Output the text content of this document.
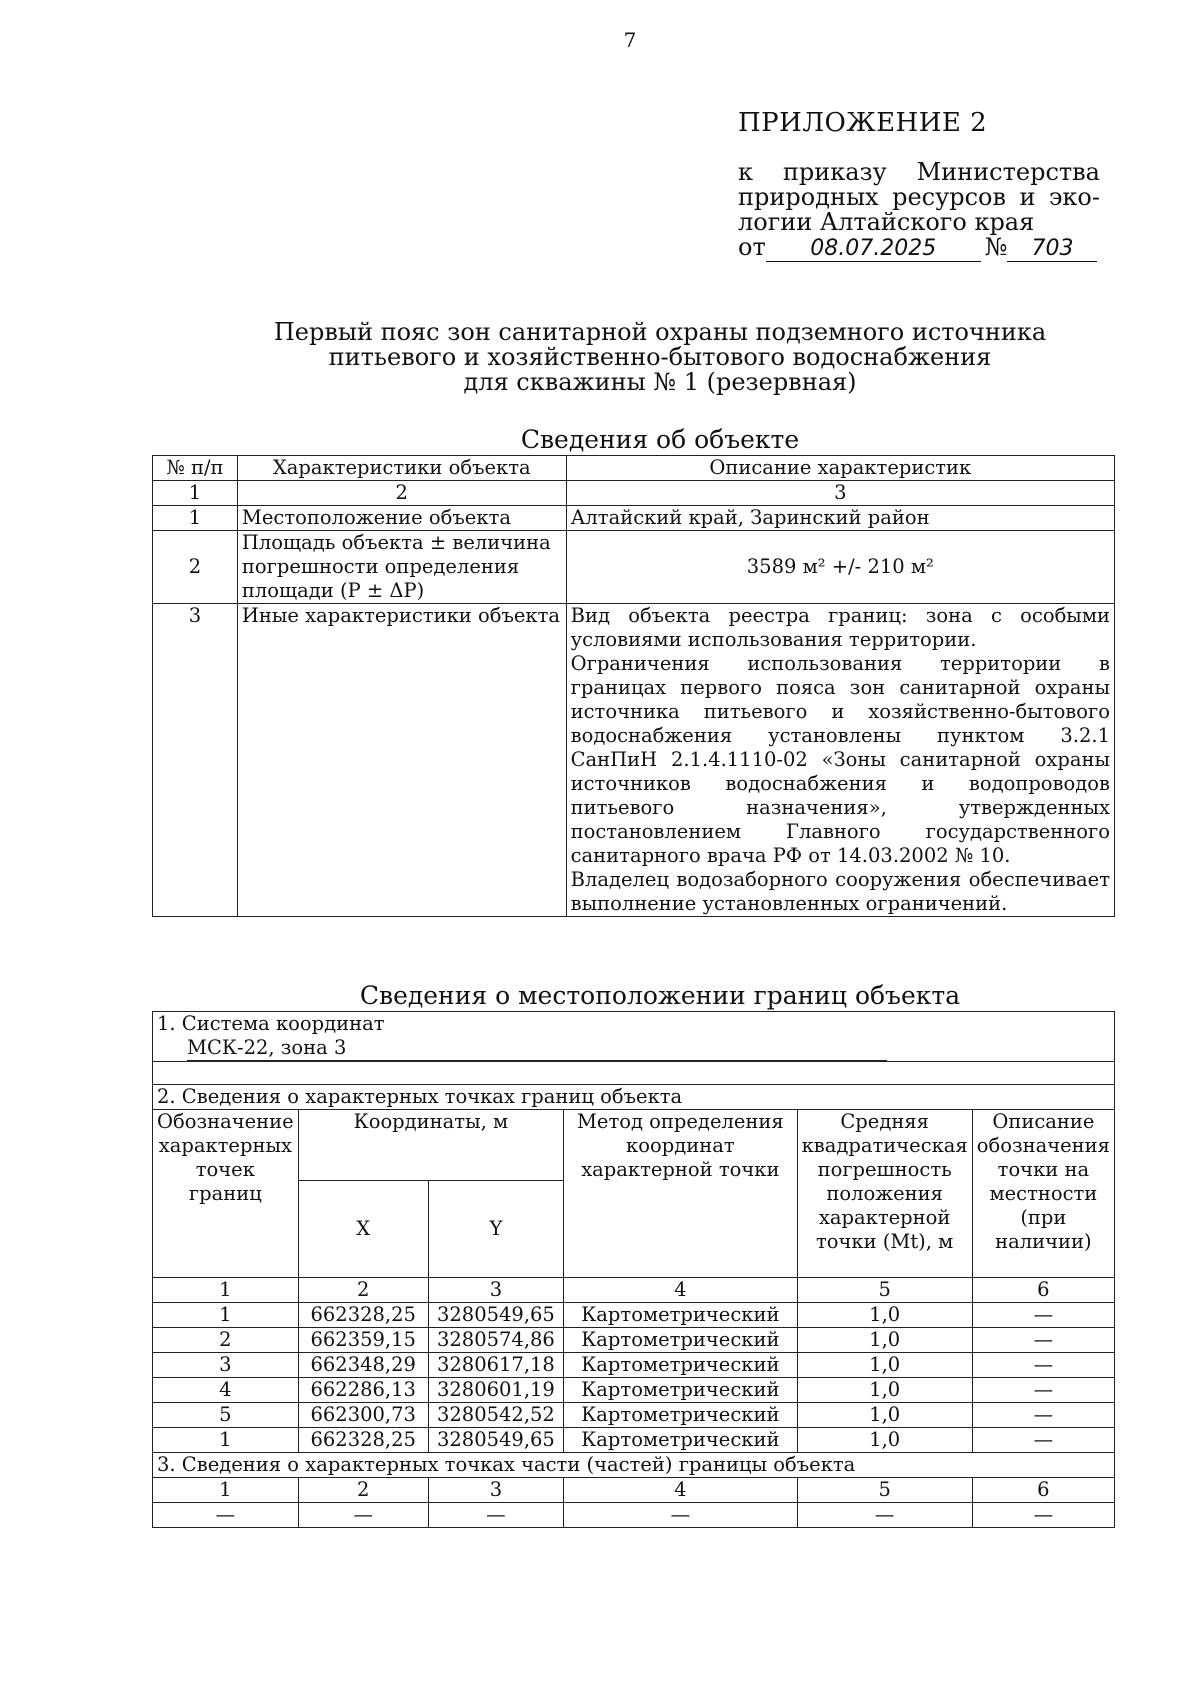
7
ПРИЛОЖЕНИЕ 2
к приказу Министерства
природных ресурсов и эко-
логии Алтайского края
от	08.07.2025	№	703
Первый пояс зон санитарной охраны подземного источника
питьевого и хозяйственно-бытового водоснабжения
для скважины № 1 (резервная)
Сведения об объекте
№ п/п	Характеристики объекта	Описание характеристик
1	2	3
1	Местоположение объекта	Алтайский край, Заринский район
2	Площадь объекта ± величина погрешности определения площади (Р ± ΔР)	3589 м² +/- 210 м²
3	Иные характеристики объекта	Вид объекта реестра границ: зона с особыми условиями использования территории.
Ограничения использования территории в границах первого пояса зон санитарной охраны источника питьевого и хозяйственно-бытового водоснабжения установлены пунктом 3.2.1 СанПиН 2.1.4.1110-02 «Зоны санитарной охраны источников водоснабжения и водопроводов питьевого назначения», утвержденных постановлением Главного государственного санитарного врача РФ от 14.03.2002 № 10.
Владелец водозаборного сооружения обеспечивает выполнение установленных ограничений.
Сведения о местоположении границ объекта
1. Система координат МСК-22, зона 3					

2. Сведения о характерных точках границ объекта					
Обозначение характерных точек границ	Координаты, м		Метод определения координат характерной точки	Средняя квадратическая погрешность положения характерной точки (Mt), м	Описание обозначения точки на местности (при наличии)
	X	Y			
1	2	3	4	5	6
1	662328,25	3280549,65	Картометрический	1,0	—
2	662359,15	3280574,86	Картометрический	1,0	—
3	662348,29	3280617,18	Картометрический	1,0	—
4	662286,13	3280601,19	Картометрический	1,0	—
5	662300,73	3280542,52	Картометрический	1,0	—
1	662328,25	3280549,65	Картометрический	1,0	—
3. Сведения о характерных точках части (частей) границы объекта					
1	2	3	4	5	6
—	—	—	—	—	—
